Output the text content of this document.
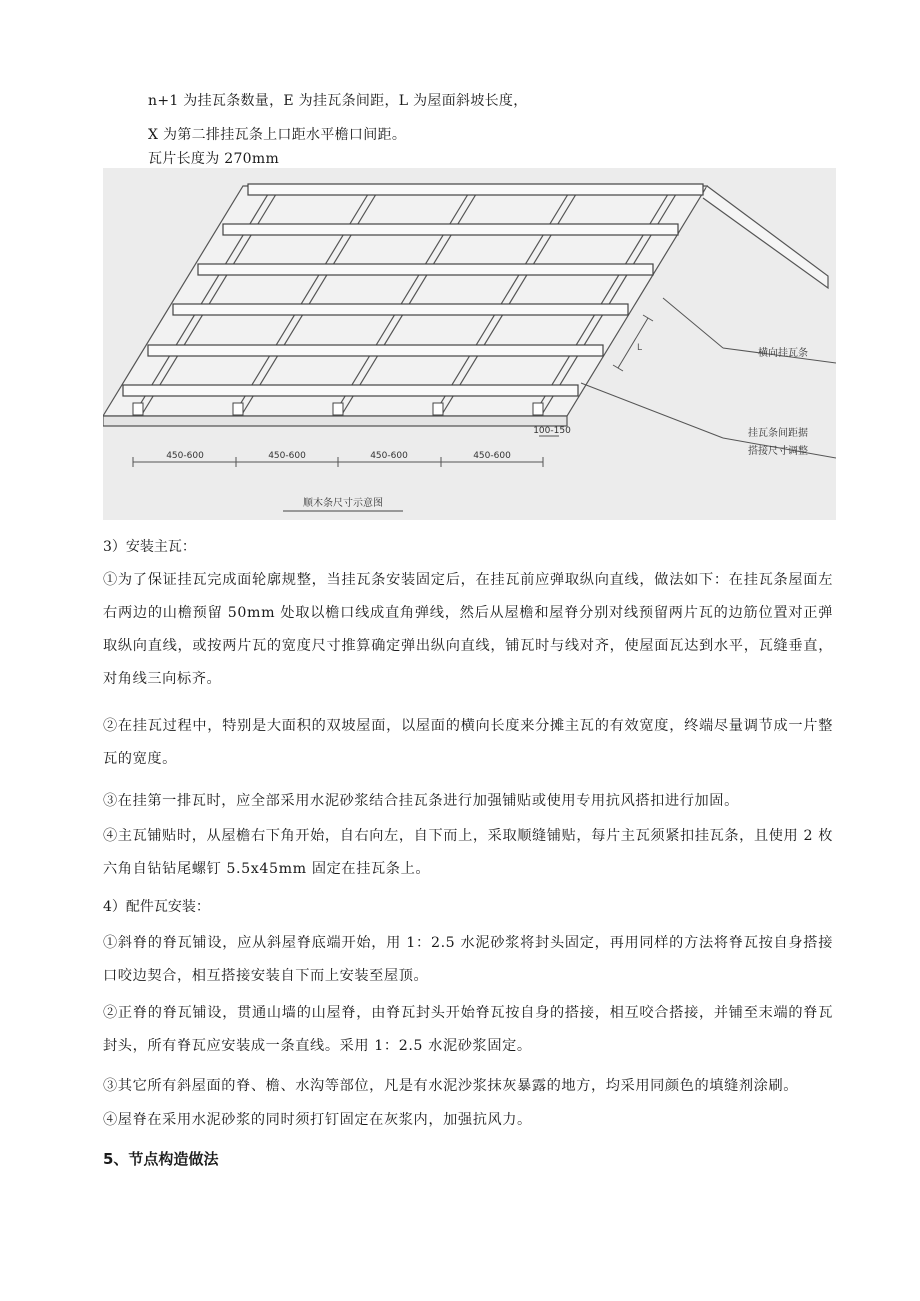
n+1 为挂瓦条数量，E 为挂瓦条间距，L 为屋面斜坡长度，
X 为第二排挂瓦条上口距水平檐口间距。
瓦片长度为 270mm
L
450-600	450-600	450-600	450-600
100-150
横向挂瓦条
挂瓦条间距据
搭接尺寸调整
顺木条尺寸示意图
3）安装主瓦：
①为了保证挂瓦完成面轮廓规整，当挂瓦条安装固定后，在挂瓦前应弹取纵向直线，做法如下：在挂瓦条屋面左右两边的山檐预留 50mm 处取以檐口线成直角弹线，然后从屋檐和屋脊分别对线预留两片瓦的边筋位置对正弹取纵向直线，或按两片瓦的宽度尺寸推算确定弹出纵向直线，铺瓦时与线对齐，使屋面瓦达到水平，瓦缝垂直，对角线三向标齐。
②在挂瓦过程中，特别是大面积的双坡屋面，以屋面的横向长度来分摊主瓦的有效宽度，终端尽量调节成一片整瓦的宽度。
③在挂第一排瓦时，应全部采用水泥砂浆结合挂瓦条进行加强铺贴或使用专用抗风搭扣进行加固。
④主瓦铺贴时，从屋檐右下角开始，自右向左，自下而上，采取顺缝铺贴，每片主瓦须紧扣挂瓦条，且使用 2 枚六角自钻钻尾螺钉 5.5x45mm 固定在挂瓦条上。
4）配件瓦安装：
①斜脊的脊瓦铺设，应从斜屋脊底端开始，用 1：2.5 水泥砂浆将封头固定，再用同样的方法将脊瓦按自身搭接口咬边契合，相互搭接安装自下而上安装至屋顶。
②正脊的脊瓦铺设，贯通山墙的山屋脊，由脊瓦封头开始脊瓦按自身的搭接，相互咬合搭接，并铺至末端的脊瓦封头，所有脊瓦应安装成一条直线。采用 1：2.5 水泥砂浆固定。
③其它所有斜屋面的脊、檐、水沟等部位，凡是有水泥沙浆抹灰暴露的地方，均采用同颜色的填缝剂涂刷。
④屋脊在采用水泥砂浆的同时须打钉固定在灰浆内，加强抗风力。
5、节点构造做法
